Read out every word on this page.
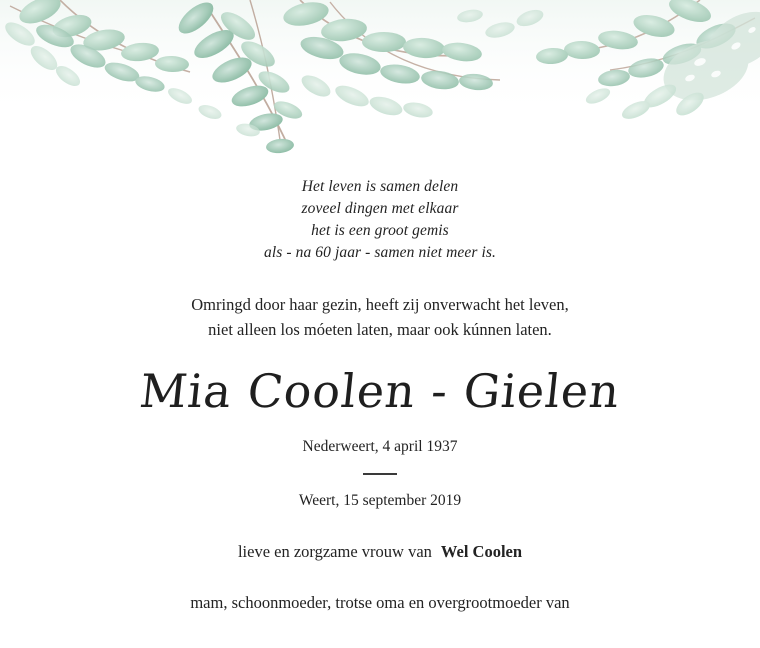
Het leven is samen delen
zoveel dingen met elkaar
het is een groot gemis
als - na 60 jaar - samen niet meer is.
Omringd door haar gezin, heeft zij onverwacht het leven,
niet alleen los móeten laten, maar ook kúnnen laten.
Mia Coolen - Gielen
Nederweert, 4 april 1937
Weert, 15 september 2019
lieve en zorgzame vrouw van Wel Coolen
mam, schoonmoeder, trotse oma en overgrootmoeder van
